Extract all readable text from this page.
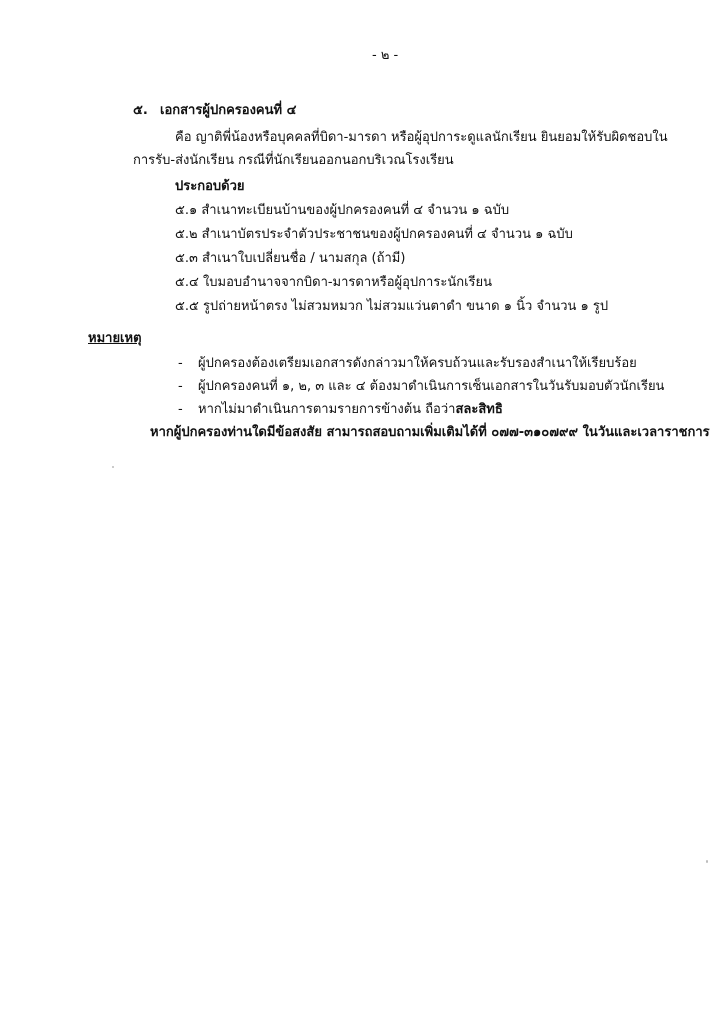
- ๒ -
๕. เอกสารผู้ปกครองคนที่ ๔
คือ ญาติพี่น้องหรือบุคคลที่บิดา-มารดา หรือผู้อุปการะดูแลนักเรียน ยินยอมให้รับผิดชอบใน
การรับ-ส่งนักเรียน กรณีที่นักเรียนออกนอกบริเวณโรงเรียน
ประกอบด้วย
๕.๑ สำเนาทะเบียนบ้านของผู้ปกครองคนที่ ๔ จำนวน ๑ ฉบับ
๕.๒ สำเนาบัตรประจำตัวประชาชนของผู้ปกครองคนที่ ๔ จำนวน ๑ ฉบับ
๕.๓ สำเนาใบเปลี่ยนชื่อ / นามสกุล (ถ้ามี)
๕.๔ ใบมอบอำนาจจากบิดา-มารดาหรือผู้อุปการะนักเรียน
๕.๕ รูปถ่ายหน้าตรง ไม่สวมหมวก ไม่สวมแว่นตาดำ ขนาด ๑ นิ้ว จำนวน ๑ รูป
หมายเหตุ
- ผู้ปกครองต้องเตรียมเอกสารดังกล่าวมาให้ครบถ้วนและรับรองสำเนาให้เรียบร้อย
- ผู้ปกครองคนที่ ๑, ๒, ๓ และ ๔ ต้องมาดำเนินการเซ็นเอกสารในวันรับมอบตัวนักเรียน
- หากไม่มาดำเนินการตามรายการข้างต้น ถือว่าสละสิทธิ
หากผู้ปกครองท่านใดมีข้อสงสัย สามารถสอบถามเพิ่มเติมได้ที่ ๐๗๗-๓๑๐๗๙๙ ในวันและเวลาราชการ
